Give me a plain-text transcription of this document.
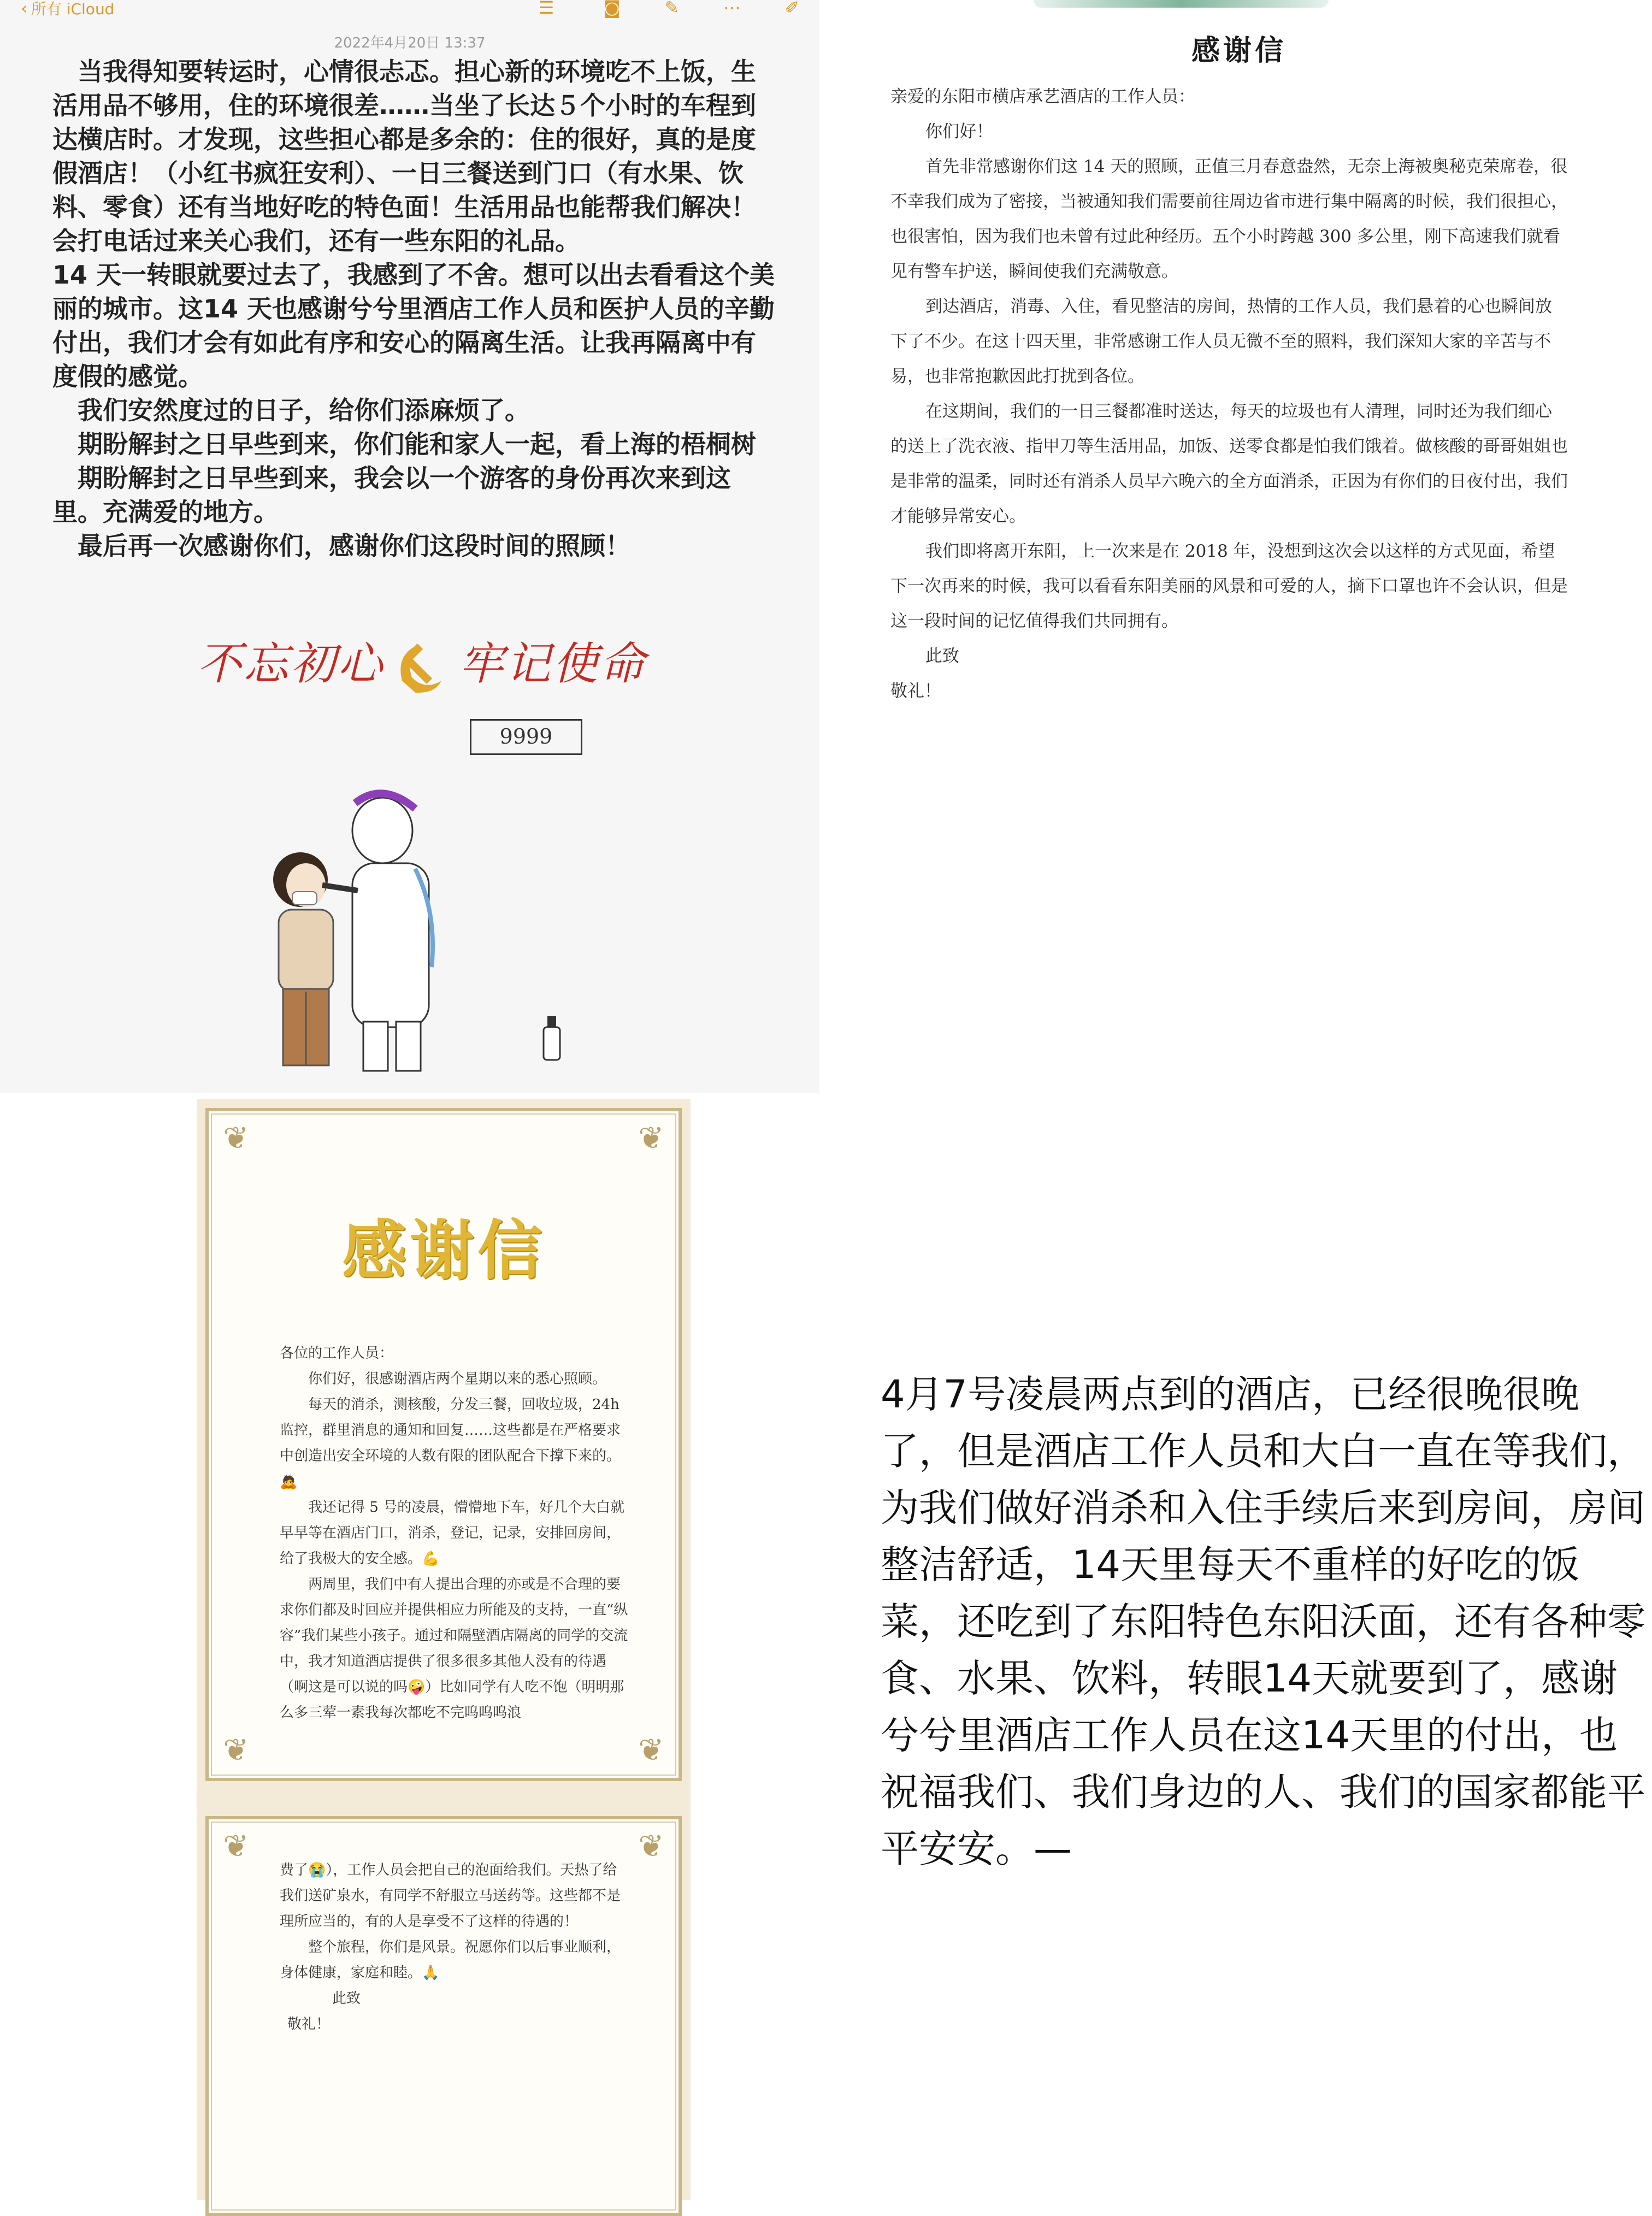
‹ 所有 iCloud	☰	◙	✎	⋯	✐
2022年4月20日 13:37

当我得知要转运时，心情很忐忑。担心新的环境吃不上饭，生活用品不够用，住的环境很差……当坐了长达５个小时的车程到达横店时。才发现，这些担心都是多余的：住的很好，真的是度假酒店！（小红书疯狂安利）、一日三餐送到门口（有水果、饮料、零食）还有当地好吃的特色面！生活用品也能帮我们解决！会打电话过来关心我们，还有一些东阳的礼品。

14 天一转眼就要过去了，我感到了不舍。想可以出去看看这个美丽的城市。这14 天也感谢兮兮里酒店工作人员和医护人员的辛勤付出，我们才会有如此有序和安心的隔离生活。让我再隔离中有度假的感觉。

我们安然度过的日子，给你们添麻烦了。

期盼解封之日早些到来，你们能和家人一起，看上海的梧桐树

期盼解封之日早些到来，我会以一个游客的身份再次来到这里。充满爱的地方。

最后再一次感谢你们，感谢你们这段时间的照顾！

不忘初心 牢记使命
9999
感谢信

亲爱的东阳市横店承艺酒店的工作人员：

你们好！

首先非常感谢你们这 14 天的照顾，正值三月春意盎然，无奈上海被奥秘克荣席卷，很不幸我们成为了密接，当被通知我们需要前往周边省市进行集中隔离的时候，我们很担心，也很害怕，因为我们也未曾有过此种经历。五个小时跨越 300 多公里，刚下高速我们就看见有警车护送，瞬间使我们充满敬意。

到达酒店，消毒、入住，看见整洁的房间，热情的工作人员，我们悬着的心也瞬间放下了不少。在这十四天里，非常感谢工作人员无微不至的照料，我们深知大家的辛苦与不易，也非常抱歉因此打扰到各位。

在这期间，我们的一日三餐都准时送达，每天的垃圾也有人清理，同时还为我们细心的送上了洗衣液、指甲刀等生活用品，加饭、送零食都是怕我们饿着。做核酸的哥哥姐姐也是非常的温柔，同时还有消杀人员早六晚六的全方面消杀，正因为有你们的日夜付出，我们才能够异常安心。

我们即将离开东阳，上一次来是在 2018 年，没想到这次会以这样的方式见面，希望下一次再来的时候，我可以看看东阳美丽的风景和可爱的人，摘下口罩也许不会认识，但是这一段时间的记忆值得我们共同拥有。

此致

敬礼！

❦	❦
❦	❦
感谢信

各位的工作人员：

你们好，很感谢酒店两个星期以来的悉心照顾。

每天的消杀，测核酸，分发三餐，回收垃圾，24h 监控，群里消息的通知和回复……这些都是在严格要求中创造出安全环境的人数有限的团队配合下撑下来的。🙇

我还记得 5 号的凌晨，懵懵地下车，好几个大白就早早等在酒店门口，消杀，登记，记录，安排回房间，给了我极大的安全感。💪

两周里，我们中有人提出合理的亦或是不合理的要求你们都及时回应并提供相应力所能及的支持，一直“纵容”我们某些小孩子。通过和隔壁酒店隔离的同学的交流中，我才知道酒店提供了很多很多其他人没有的待遇（啊这是可以说的吗🤪）比如同学有人吃不饱（明明那么多三荤一素我每次都吃不完呜呜呜浪

❦	❦

费了😭），工作人员会把自己的泡面给我们。天热了给我们送矿泉水，有同学不舒服立马送药等。这些都不是理所应当的，有的人是享受不了这样的待遇的！

整个旅程，你们是风景。祝愿你们以后事业顺利，身体健康，家庭和睦。🙏

此致

敬礼！

4月7号凌晨两点到的酒店，已经很晚很晚了，但是酒店工作人员和大白一直在等我们，为我们做好消杀和入住手续后来到房间，房间整洁舒适，14天里每天不重样的好吃的饭菜，还吃到了东阳特色东阳沃面，还有各种零食、水果、饮料，转眼14天就要到了，感谢兮兮里酒店工作人员在这14天里的付出，也祝福我们、我们身边的人、我们的国家都能平平安安。—
